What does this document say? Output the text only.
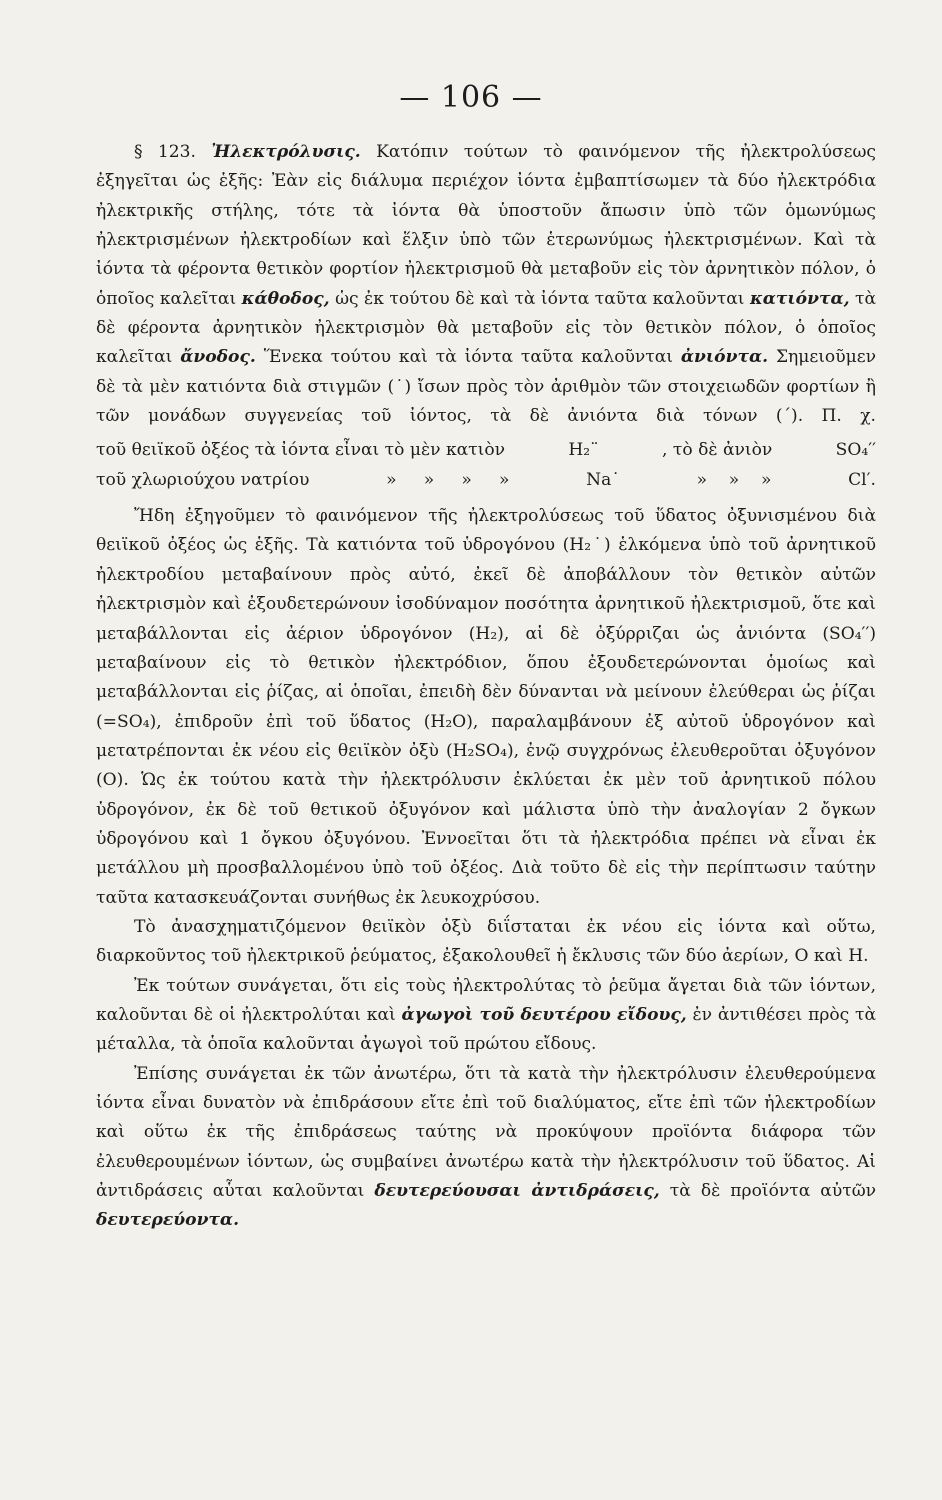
— 106 —

§ 123. Ἠλεκτρόλυσις. Κατόπιν τούτων τὸ φαινόμενον τῆς ἠλεκτρολύσεως ἐξηγεῖται ὡς ἑξῆς: Ἐὰν εἰς διάλυμα περιέχον ἰόντα ἐμβαπτίσωμεν τὰ δύο ἠλεκτρόδια ἠλεκτρικῆς στήλης, τότε τὰ ἰόντα θὰ ὑποστοῦν ἄπωσιν ὑπὸ τῶν ὁμωνύμως ἠλεκτρισμένων ἠλεκτροδίων καὶ ἕλξιν ὑπὸ τῶν ἑτερωνύμως ἠλεκτρισμένων. Καὶ τὰ ἰόντα τὰ φέροντα θετικὸν φορτίον ἠλεκτρισμοῦ θὰ μεταβοῦν εἰς τὸν ἀρνητικὸν πόλον, ὁ ὁποῖος καλεῖται κάθοδος, ὡς ἐκ τούτου δὲ καὶ τὰ ἰόντα ταῦτα καλοῦνται κατιόντα, τὰ δὲ φέροντα ἀρνητικὸν ἠλεκτρισμὸν θὰ μεταβοῦν εἰς τὸν θετικὸν πόλον, ὁ ὁποῖος καλεῖται ἄνοδος. Ἕνεκα τούτου καὶ τὰ ἰόντα ταῦτα καλοῦνται ἀνιόντα. Σημειοῦμεν δὲ τὰ μὲν κατιόντα διὰ στιγμῶν (˙) ἴσων πρὸς τὸν ἀριθμὸν τῶν στοιχειωδῶν φορτίων ἢ τῶν μονάδων συγγενείας τοῦ ἰόντος, τὰ δὲ ἀνιόντα διὰ τόνων (΄). Π. χ.

τοῦ θειϊκοῦ ὀξέος τὰ ἰόντα εἶναι τὸ μὲν κατιὸν	H₂¨	, τὸ δὲ ἀνιὸν	SO₄′′
τοῦ χλωριούχου νατρίου	»     »     »     »	Na˙	»    »    »	Cl′.

Ἤδη ἐξηγοῦμεν τὸ φαινόμενον τῆς ἠλεκτρολύσεως τοῦ ὕδατος ὀξυνισμένου διὰ θειϊκοῦ ὀξέος ὡς ἑξῆς. Τὰ κατιόντα τοῦ ὑδρογόνου (H₂˙) ἑλκόμενα ὑπὸ τοῦ ἀρνητικοῦ ἠλεκτροδίου μεταβαίνουν πρὸς αὐτό, ἐκεῖ δὲ ἀποβάλλουν τὸν θετικὸν αὐτῶν ἠλεκτρισμὸν καὶ ἐξουδετερώνουν ἰσοδύναμον ποσότητα ἀρνητικοῦ ἠλεκτρισμοῦ, ὅτε καὶ μεταβάλλονται εἰς ἀέριον ὑδρογόνον (H₂), αἱ δὲ ὀξύρριζαι ὡς ἀνιόντα (SO₄′′) μεταβαίνουν εἰς τὸ θετικὸν ἠλεκτρόδιον, ὅπου ἐξουδετερώνονται ὁμοίως καὶ μεταβάλλονται εἰς ῥίζας, αἱ ὁποῖαι, ἐπειδὴ δὲν δύνανται νὰ μείνουν ἐλεύθεραι ὡς ῥίζαι (=SO₄), ἐπιδροῦν ἐπὶ τοῦ ὕδατος (H₂O), παραλαμβάνουν ἐξ αὐτοῦ ὑδρογόνον καὶ μετατρέπονται ἐκ νέου εἰς θειϊκὸν ὀξὺ (H₂SO₄), ἐνῷ συγχρόνως ἐλευθεροῦται ὀξυγόνον (O). Ὡς ἐκ τούτου κατὰ τὴν ἠλεκτρόλυσιν ἐκλύεται ἐκ μὲν τοῦ ἀρνητικοῦ πόλου ὑδρογόνον, ἐκ δὲ τοῦ θετικοῦ ὀξυγόνον καὶ μάλιστα ὑπὸ τὴν ἀναλογίαν 2 ὄγκων ὑδρογόνου καὶ 1 ὄγκου ὀξυγόνου. Ἐννοεῖται ὅτι τὰ ἠλεκτρόδια πρέπει νὰ εἶναι ἐκ μετάλλου μὴ προσβαλλομένου ὑπὸ τοῦ ὀξέος. Διὰ τοῦτο δὲ εἰς τὴν περίπτωσιν ταύτην ταῦτα κατασκευάζονται συνήθως ἐκ λευκοχρύσου.

Τὸ ἀνασχηματιζόμενον θειϊκὸν ὀξὺ διΐσταται ἐκ νέου εἰς ἰόντα καὶ οὕτω, διαρκοῦντος τοῦ ἠλεκτρικοῦ ῥεύματος, ἐξακολουθεῖ ἡ ἔκλυσις τῶν δύο ἀερίων, O καὶ H.

Ἐκ τούτων συνάγεται, ὅτι εἰς τοὺς ἠλεκτρολύτας τὸ ῥεῦμα ἄγεται διὰ τῶν ἰόντων, καλοῦνται δὲ οἱ ἠλεκτρολύται καὶ ἀγωγοὶ τοῦ δευτέρου εἴδους, ἐν ἀντιθέσει πρὸς τὰ μέταλλα, τὰ ὁποῖα καλοῦνται ἀγωγοὶ τοῦ πρώτου εἴδους.

Ἐπίσης συνάγεται ἐκ τῶν ἀνωτέρω, ὅτι τὰ κατὰ τὴν ἠλεκτρόλυσιν ἐλευθερούμενα ἰόντα εἶναι δυνατὸν νὰ ἐπιδράσουν εἴτε ἐπὶ τοῦ διαλύματος, εἴτε ἐπὶ τῶν ἠλεκτροδίων καὶ οὕτω ἐκ τῆς ἐπιδράσεως ταύτης νὰ προκύψουν προϊόντα διάφορα τῶν ἐλευθερουμένων ἰόντων, ὡς συμβαίνει ἀνωτέρω κατὰ τὴν ἠλεκτρόλυσιν τοῦ ὕδατος. Αἱ ἀντιδράσεις αὗται καλοῦνται δευτερεύουσαι ἀντιδράσεις, τὰ δὲ προϊόντα αὐτῶν δευτερεύοντα.
